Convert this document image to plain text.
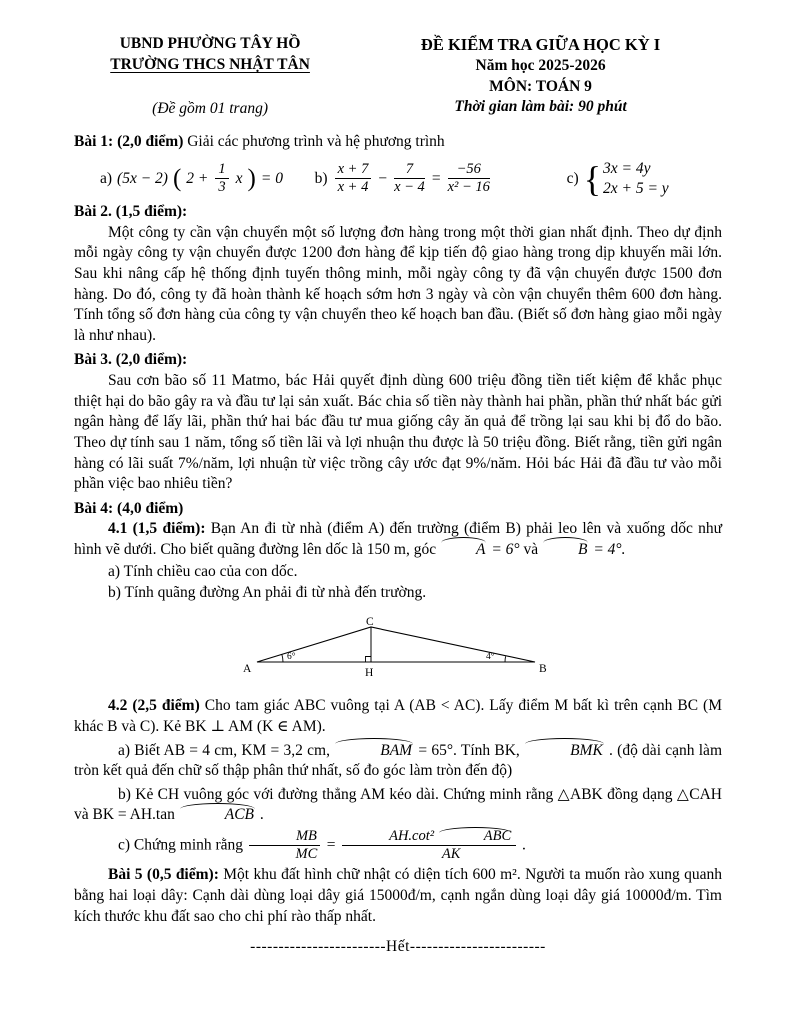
UBND PHƯỜNG TÂY HỒ
TRƯỜNG THCS NHẬT TÂN
(Đề gồm 01 trang)
ĐỀ KIỂM TRA GIỮA HỌC KỲ I
Năm học 2025-2026
MÔN: TOÁN 9
Thời gian làm bài: 90 phút
Bài 1: (2,0 điểm) Giải các phương trình và hệ phương trình
a) (5x − 2) ( $2 + \frac{1}{3}$ x ) = 0 $b) \frac{x + 7}{x + 4} - \frac{7}{x - 4} = \frac{-56}{\text{x² − 16}}$	c) { 3x = 4y
2x + 5 = y
Bài 2. (1,5 điểm):

Một công ty cần vận chuyển một số lượng đơn hàng trong một thời gian nhất định. Theo dự định mỗi ngày công ty vận chuyển được 1200 đơn hàng để kịp tiến độ giao hàng trong dịp khuyến mãi lớn. Sau khi nâng cấp hệ thống định tuyến thông minh, mỗi ngày công ty đã vận chuyển được 1500 đơn hàng. Do đó, công ty đã hoàn thành kế hoạch sớm hơn 3 ngày và còn vận chuyển thêm 600 đơn hàng. Tính tổng số đơn hàng của công ty vận chuyển theo kế hoạch ban đầu. (Biết số đơn hàng giao mỗi ngày là như nhau).

Bài 3. (2,0 điểm):

Sau cơn bão số 11 Matmo, bác Hải quyết định dùng 600 triệu đồng tiền tiết kiệm để khắc phục thiệt hại do bão gây ra và đầu tư lại sản xuất. Bác chia số tiền này thành hai phần, phần thứ nhất bác gửi ngân hàng để lấy lãi, phần thứ hai bác đầu tư mua giống cây ăn quả để trồng lại sau khi bị đổ do bão. Theo dự tính sau 1 năm, tổng số tiền lãi và lợi nhuận thu được là 50 triệu đồng. Biết rằng, tiền gửi ngân hàng có lãi suất 7%/năm, lợi nhuận từ việc trồng cây ước đạt 9%/năm. Hỏi bác Hải đã đầu tư vào mỗi phần việc bao nhiêu tiền?

Bài 4: (4,0 điểm)

4.1 (1,5 điểm): Bạn An đi từ nhà (điểm A) đến trường (điểm B) phải leo lên và xuống dốc như hình vẽ dưới. Cho biết quãng đường lên dốc là 150 m, góc A = 6° và B = 4°.

a) Tính chiều cao của con dốc.
b) Tính quãng đường An phải đi từ nhà đến trường.
C
A	B
H
6°	4°

4.2 (2,5 điểm) Cho tam giác ABC vuông tại A (AB < AC). Lấy điểm M bất kì trên cạnh BC (M khác B và C). Kẻ BK ⊥ AM (K ∈ AM).

a) Biết AB = 4 cm, KM = 3,2 cm,	BAM = 65°. Tính BK,	BMK . (độ dài cạnh làm tròn kết quả đến chữ số thập phân thứ nhất, số đo góc làm tròn đến độ)

b) Kẻ CH vuông góc với đường thẳng AM kéo dài. Chứng minh rằng △ABK đồng dạng △CAH và BK = AH.tan	ACB .

c) Chứng minh rằng $\frac{MB}{MC} = AH.\cot^2$	ABC
AK .

Bài 5 (0,5 điểm): Một khu đất hình chữ nhật có diện tích 600 m². Người ta muốn rào xung quanh bằng hai loại dây: Cạnh dài dùng loại dây giá 15000đ/m, cạnh ngắn dùng loại dây giá 10000đ/m. Tìm kích thước khu đất sao cho chi phí rào thấp nhất.

------------------------Hết------------------------
